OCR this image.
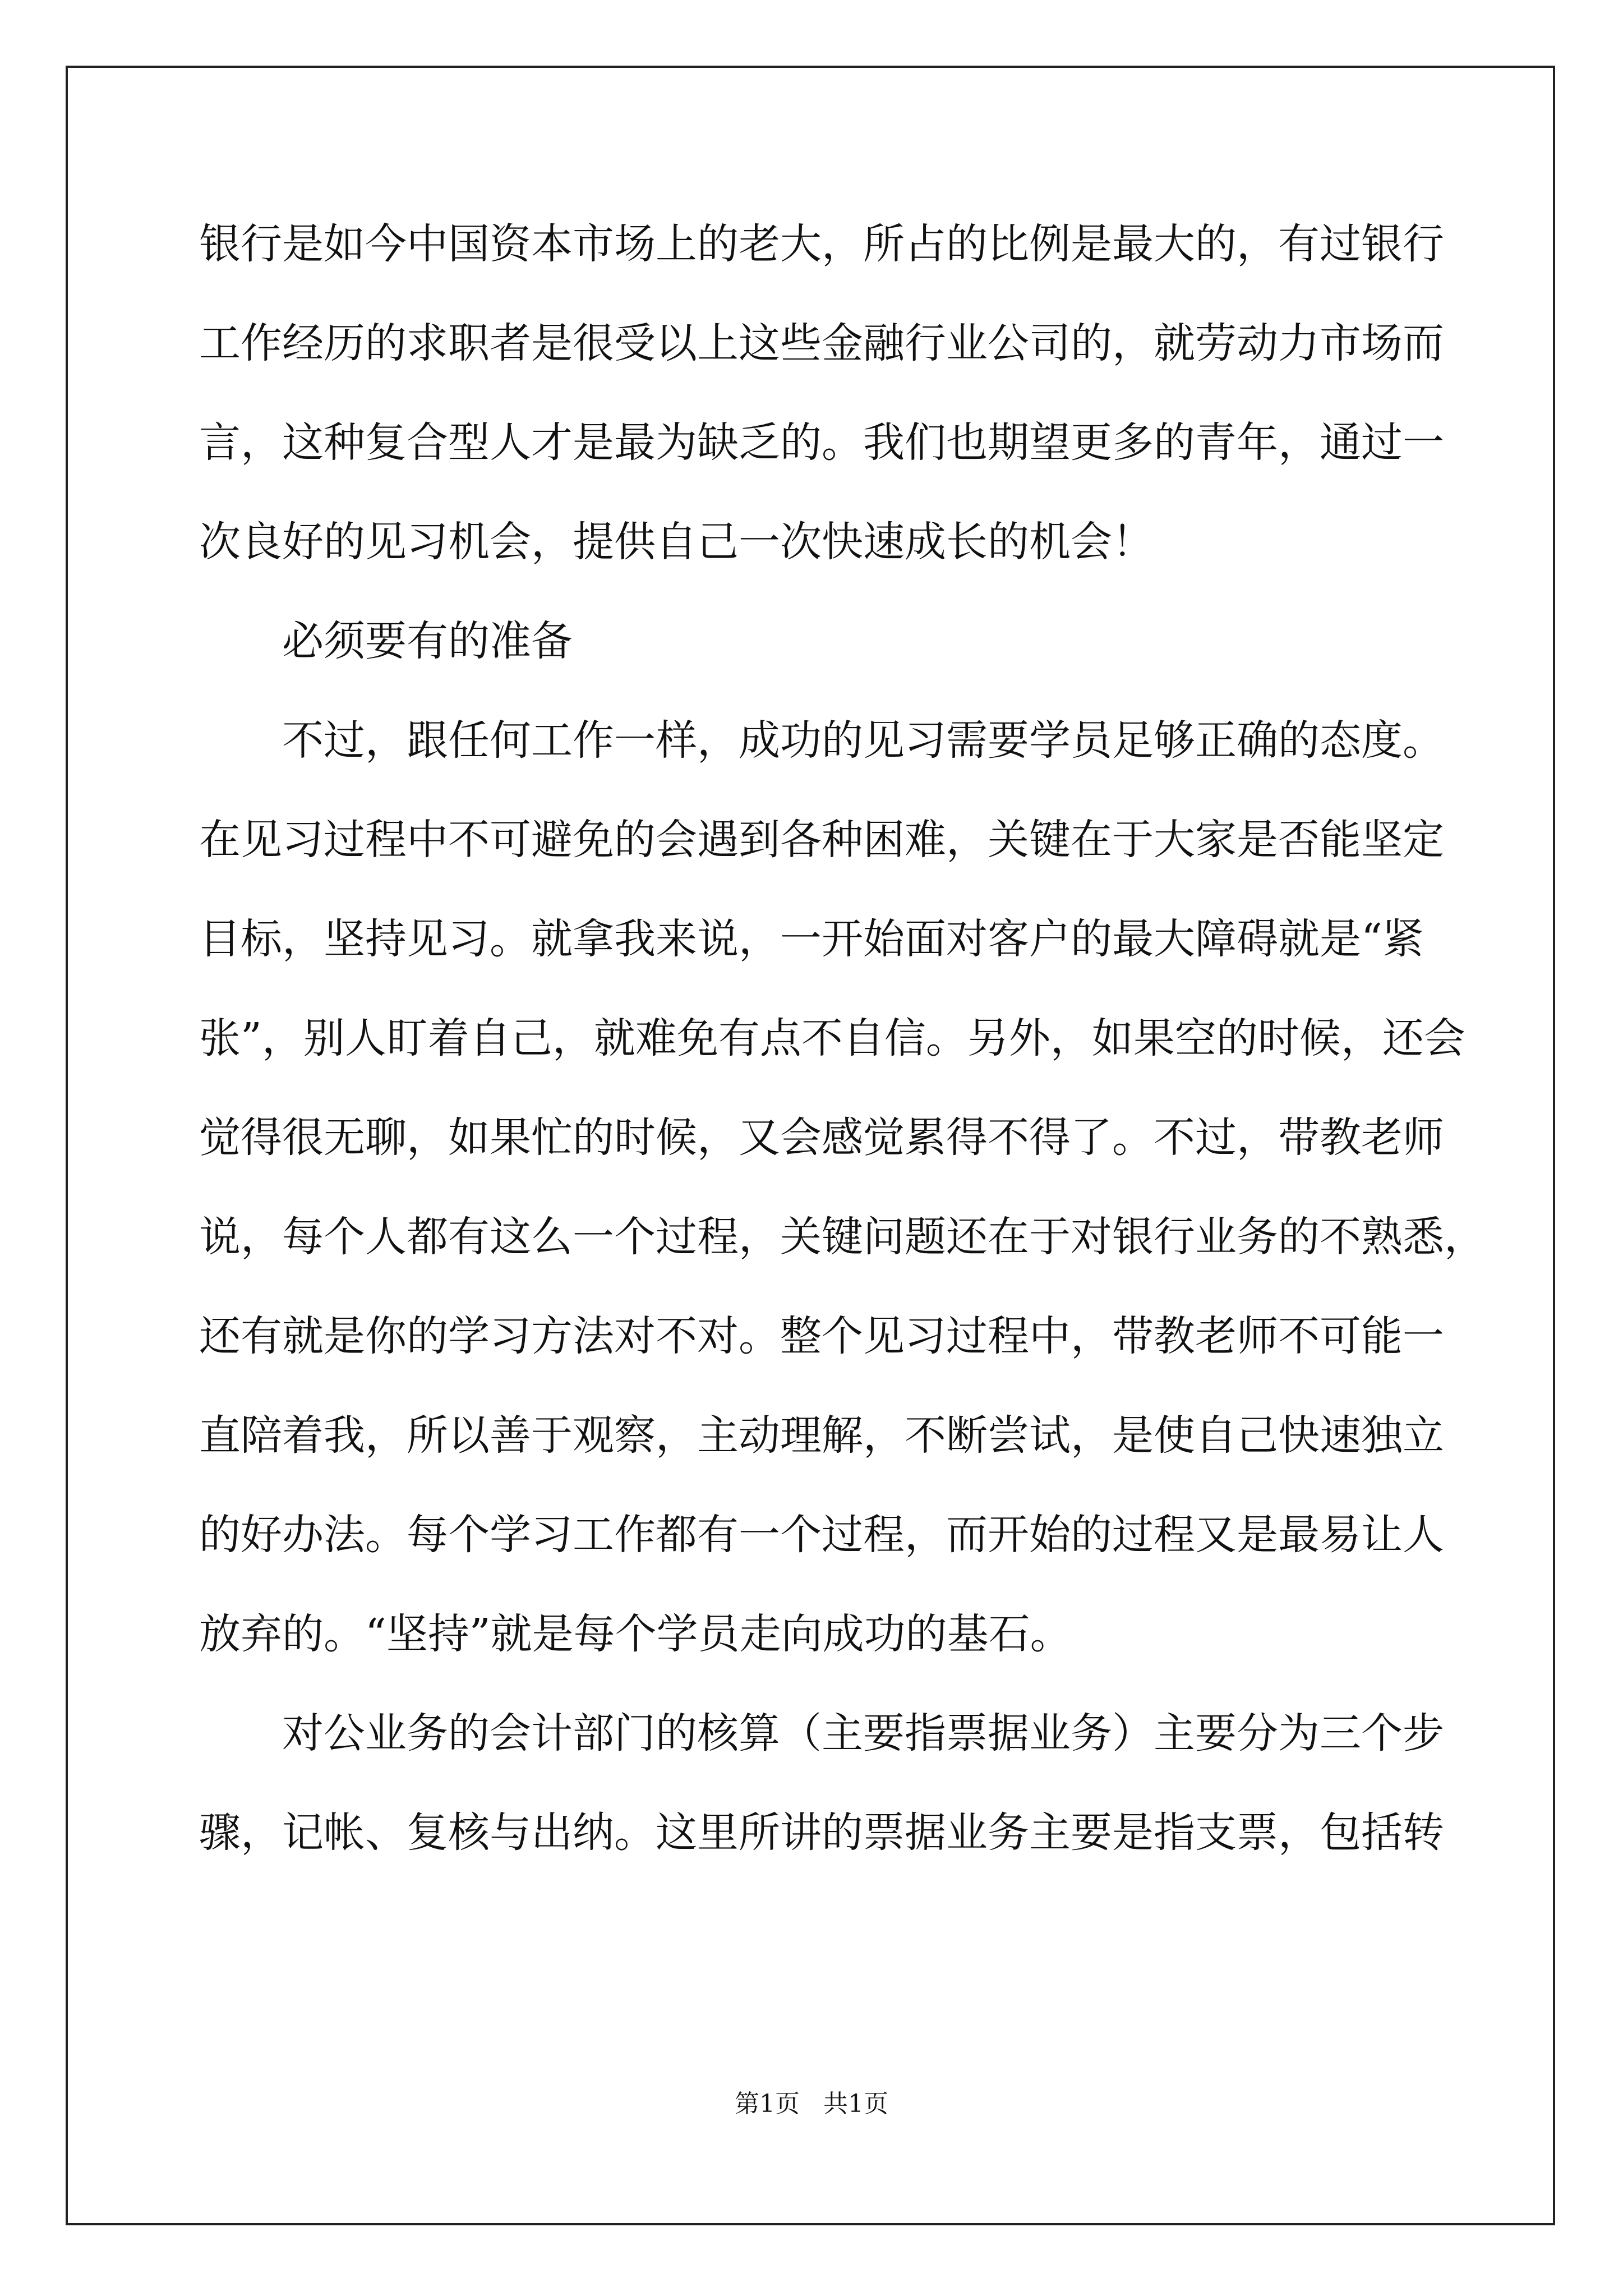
银行是如今中国资本市场上的老大，所占的比例是最大的，有过银行
工作经历的求职者是很受以上这些金融行业公司的，就劳动力市场而
言，这种复合型人才是最为缺乏的。我们也期望更多的青年，通过一
次良好的见习机会，提供自己一次快速成长的机会！
必须要有的准备
不过，跟任何工作一样，成功的见习需要学员足够正确的态度。
在见习过程中不可避免的会遇到各种困难，关键在于大家是否能坚定
目标，坚持见习。就拿我来说，一开始面对客户的最大障碍就是“紧
张”，别人盯着自己，就难免有点不自信。另外，如果空的时候，还会
觉得很无聊，如果忙的时候，又会感觉累得不得了。不过，带教老师
说，每个人都有这么一个过程，关键问题还在于对银行业务的不熟悉，
还有就是你的学习方法对不对。整个见习过程中，带教老师不可能一
直陪着我，所以善于观察，主动理解，不断尝试，是使自己快速独立
的好办法。每个学习工作都有一个过程，而开始的过程又是最易让人
放弃的。“坚持”就是每个学员走向成功的基石。
对公业务的会计部门的核算（主要指票据业务）主要分为三个步
骤，记帐、复核与出纳。这里所讲的票据业务主要是指支票，包括转
第1页   共1页
